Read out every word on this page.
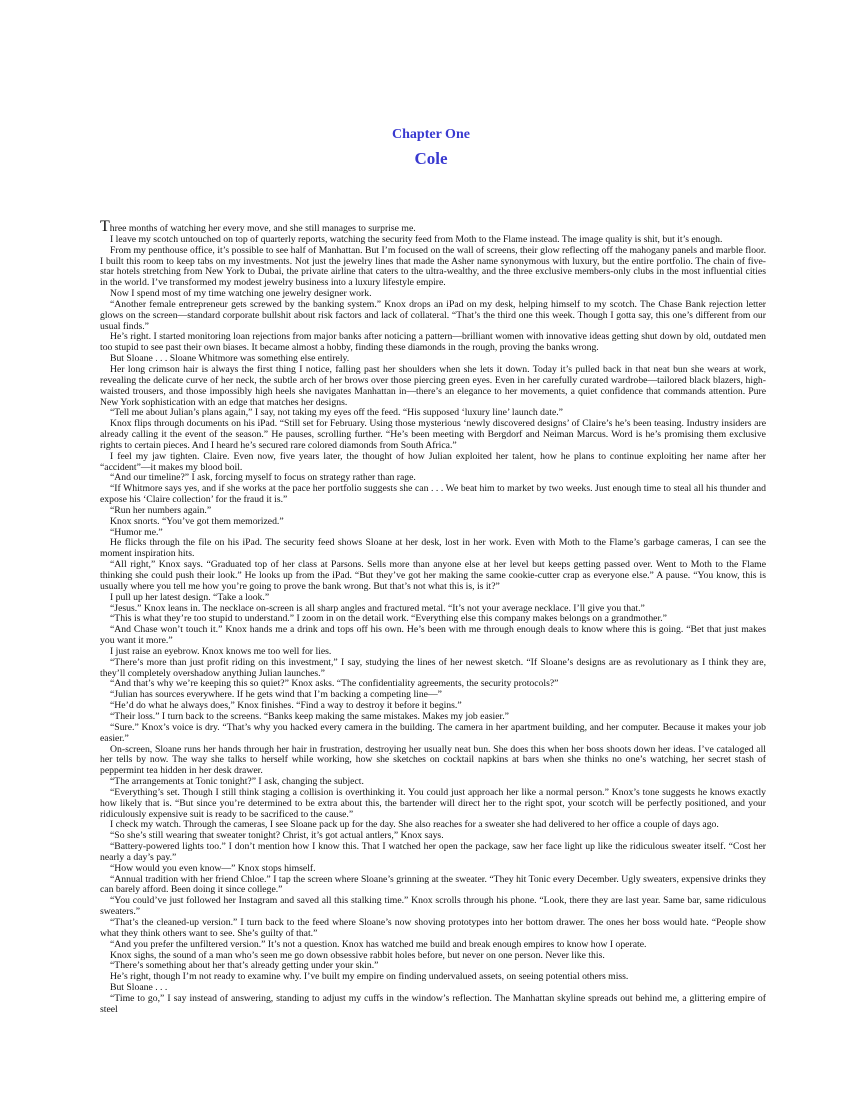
Chapter One
Cole

Three months of watching her every move, and she still manages to surprise me.

I leave my scotch untouched on top of quarterly reports, watching the security feed from Moth to the Flame instead. The image quality is shit, but it’s enough.

From my penthouse office, it’s possible to see half of Manhattan. But I’m focused on the wall of screens, their glow reflecting off the mahogany panels and marble floor. I built this room to keep tabs on my investments. Not just the jewelry lines that made the Asher name synonymous with luxury, but the entire portfolio. The chain of five-star hotels stretching from New York to Dubai, the private airline that caters to the ultra-wealthy, and the three exclusive members-only clubs in the most influential cities in the world. I’ve transformed my modest jewelry business into a luxury lifestyle empire.

Now I spend most of my time watching one jewelry designer work.

“Another female entrepreneur gets screwed by the banking system.” Knox drops an iPad on my desk, helping himself to my scotch. The Chase Bank rejection letter glows on the screen—standard corporate bullshit about risk factors and lack of collateral. “That’s the third one this week. Though I gotta say, this one’s different from our usual finds.”

He’s right. I started monitoring loan rejections from major banks after noticing a pattern—brilliant women with innovative ideas getting shut down by old, outdated men too stupid to see past their own biases. It became almost a hobby, finding these diamonds in the rough, proving the banks wrong.

But Sloane . . . Sloane Whitmore was something else entirely.

Her long crimson hair is always the first thing I notice, falling past her shoulders when she lets it down. Today it’s pulled back in that neat bun she wears at work, revealing the delicate curve of her neck, the subtle arch of her brows over those piercing green eyes. Even in her carefully curated wardrobe—tailored black blazers, high-waisted trousers, and those impossibly high heels she navigates Manhattan in—there’s an elegance to her movements, a quiet confidence that commands attention. Pure New York sophistication with an edge that matches her designs.

“Tell me about Julian’s plans again,” I say, not taking my eyes off the feed. “His supposed ‘luxury line’ launch date.”

Knox flips through documents on his iPad. “Still set for February. Using those mysterious ‘newly discovered designs’ of Claire’s he’s been teasing. Industry insiders are already calling it the event of the season.” He pauses, scrolling further. “He’s been meeting with Bergdorf and Neiman Marcus. Word is he’s promising them exclusive rights to certain pieces. And I heard he’s secured rare colored diamonds from South Africa.”

I feel my jaw tighten. Claire. Even now, five years later, the thought of how Julian exploited her talent, how he plans to continue exploiting her name after her “accident”—it makes my blood boil.

“And our timeline?” I ask, forcing myself to focus on strategy rather than rage.

“If Whitmore says yes, and if she works at the pace her portfolio suggests she can . . . We beat him to market by two weeks. Just enough time to steal all his thunder and expose his ‘Claire collection’ for the fraud it is.”

“Run her numbers again.”

Knox snorts. “You’ve got them memorized.”

“Humor me.”

He flicks through the file on his iPad. The security feed shows Sloane at her desk, lost in her work. Even with Moth to the Flame’s garbage cameras, I can see the moment inspiration hits.

“All right,” Knox says. “Graduated top of her class at Parsons. Sells more than anyone else at her level but keeps getting passed over. Went to Moth to the Flame thinking she could push their look.” He looks up from the iPad. “But they’ve got her making the same cookie-cutter crap as everyone else.” A pause. “You know, this is usually where you tell me how you’re going to prove the bank wrong. But that’s not what this is, is it?”

I pull up her latest design. “Take a look.”

“Jesus.” Knox leans in. The necklace on-screen is all sharp angles and fractured metal. “It’s not your average necklace. I’ll give you that.”

“This is what they’re too stupid to understand.” I zoom in on the detail work. “Everything else this company makes belongs on a grandmother.”

“And Chase won’t touch it.” Knox hands me a drink and tops off his own. He’s been with me through enough deals to know where this is going. “Bet that just makes you want it more.”

I just raise an eyebrow. Knox knows me too well for lies.

“There’s more than just profit riding on this investment,” I say, studying the lines of her newest sketch. “If Sloane’s designs are as revolutionary as I think they are, they’ll completely overshadow anything Julian launches.”

“And that’s why we’re keeping this so quiet?” Knox asks. “The confidentiality agreements, the security protocols?”

“Julian has sources everywhere. If he gets wind that I’m backing a competing line—”

“He’d do what he always does,” Knox finishes. “Find a way to destroy it before it begins.”

“Their loss.” I turn back to the screens. “Banks keep making the same mistakes. Makes my job easier.”

“Sure.” Knox’s voice is dry. “That’s why you hacked every camera in the building. The camera in her apartment building, and her computer. Because it makes your job easier.”

On-screen, Sloane runs her hands through her hair in frustration, destroying her usually neat bun. She does this when her boss shoots down her ideas. I’ve cataloged all her tells by now. The way she talks to herself while working, how she sketches on cocktail napkins at bars when she thinks no one’s watching, her secret stash of peppermint tea hidden in her desk drawer.

“The arrangements at Tonic tonight?” I ask, changing the subject.

“Everything’s set. Though I still think staging a collision is overthinking it. You could just approach her like a normal person.” Knox’s tone suggests he knows exactly how likely that is. “But since you’re determined to be extra about this, the bartender will direct her to the right spot, your scotch will be perfectly positioned, and your ridiculously expensive suit is ready to be sacrificed to the cause.”

I check my watch. Through the cameras, I see Sloane pack up for the day. She also reaches for a sweater she had delivered to her office a couple of days ago.

“So she’s still wearing that sweater tonight? Christ, it’s got actual antlers,” Knox says.

“Battery-powered lights too.” I don’t mention how I know this. That I watched her open the package, saw her face light up like the ridiculous sweater itself. “Cost her nearly a day’s pay.”

“How would you even know—” Knox stops himself.

“Annual tradition with her friend Chloe.” I tap the screen where Sloane’s grinning at the sweater. “They hit Tonic every December. Ugly sweaters, expensive drinks they can barely afford. Been doing it since college.”

“You could’ve just followed her Instagram and saved all this stalking time.” Knox scrolls through his phone. “Look, there they are last year. Same bar, same ridiculous sweaters.”

“That’s the cleaned-up version.” I turn back to the feed where Sloane’s now shoving prototypes into her bottom drawer. The ones her boss would hate. “People show what they think others want to see. She’s guilty of that.”

“And you prefer the unfiltered version.” It’s not a question. Knox has watched me build and break enough empires to know how I operate.

Knox sighs, the sound of a man who’s seen me go down obsessive rabbit holes before, but never on one person. Never like this.

“There’s something about her that’s already getting under your skin.”

He’s right, though I’m not ready to examine why. I’ve built my empire on finding undervalued assets, on seeing potential others miss.

But Sloane . . .

“Time to go,” I say instead of answering, standing to adjust my cuffs in the window’s reflection. The Manhattan skyline spreads out behind me, a glittering empire of steel
